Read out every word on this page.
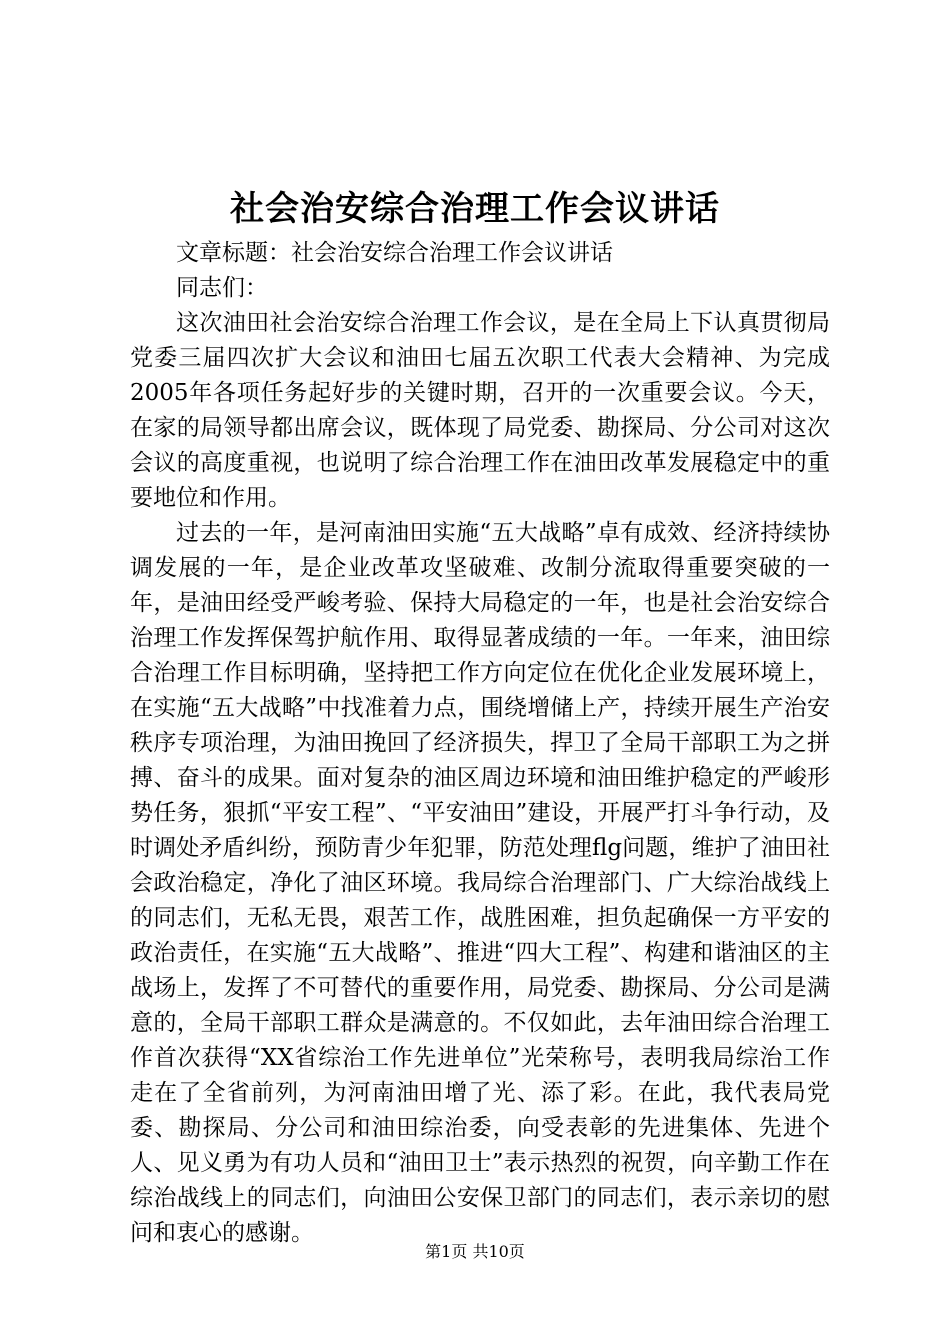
社会治安综合治理工作会议讲话

文章标题：社会治安综合治理工作会议讲话

同志们：

这次油田社会治安综合治理工作会议，是在全局上下认真贯彻局党委三届四次扩大会议和油田七届五次职工代表大会精神、为完成2005年各项任务起好步的关键时期，召开的一次重要会议。今天，在家的局领导都出席会议，既体现了局党委、勘探局、分公司对这次会议的高度重视，也说明了综合治理工作在油田改革发展稳定中的重要地位和作用。

过去的一年，是河南油田实施“五大战略”卓有成效、经济持续协调发展的一年，是企业改革攻坚破难、改制分流取得重要突破的一年，是油田经受严峻考验、保持大局稳定的一年，也是社会治安综合治理工作发挥保驾护航作用、取得显著成绩的一年。一年来，油田综合治理工作目标明确，坚持把工作方向定位在优化企业发展环境上，在实施“五大战略”中找准着力点，围绕增储上产，持续开展生产治安秩序专项治理，为油田挽回了经济损失，捍卫了全局干部职工为之拼搏、奋斗的成果。面对复杂的油区周边环境和油田维护稳定的严峻形势任务，狠抓“平安工程”、“平安油田”建设，开展严打斗争行动，及时调处矛盾纠纷，预防青少年犯罪，防范处理flg问题，维护了油田社会政治稳定，净化了油区环境。我局综合治理部门、广大综治战线上的同志们，无私无畏，艰苦工作，战胜困难，担负起确保一方平安的政治责任，在实施“五大战略”、推进“四大工程”、构建和谐油区的主战场上，发挥了不可替代的重要作用，局党委、勘探局、分公司是满意的，全局干部职工群众是满意的。不仅如此，去年油田综合治理工作首次获得“XX省综治工作先进单位”光荣称号，表明我局综治工作走在了全省前列，为河南油田增了光、添了彩。在此，我代表局党委、勘探局、分公司和油田综治委，向受表彰的先进集体、先进个人、见义勇为有功人员和“油田卫士”表示热烈的祝贺，向辛勤工作在综治战线上的同志们，向油田公安保卫部门的同志们，表示亲切的慰问和衷心的感谢。

第1页 共10页
